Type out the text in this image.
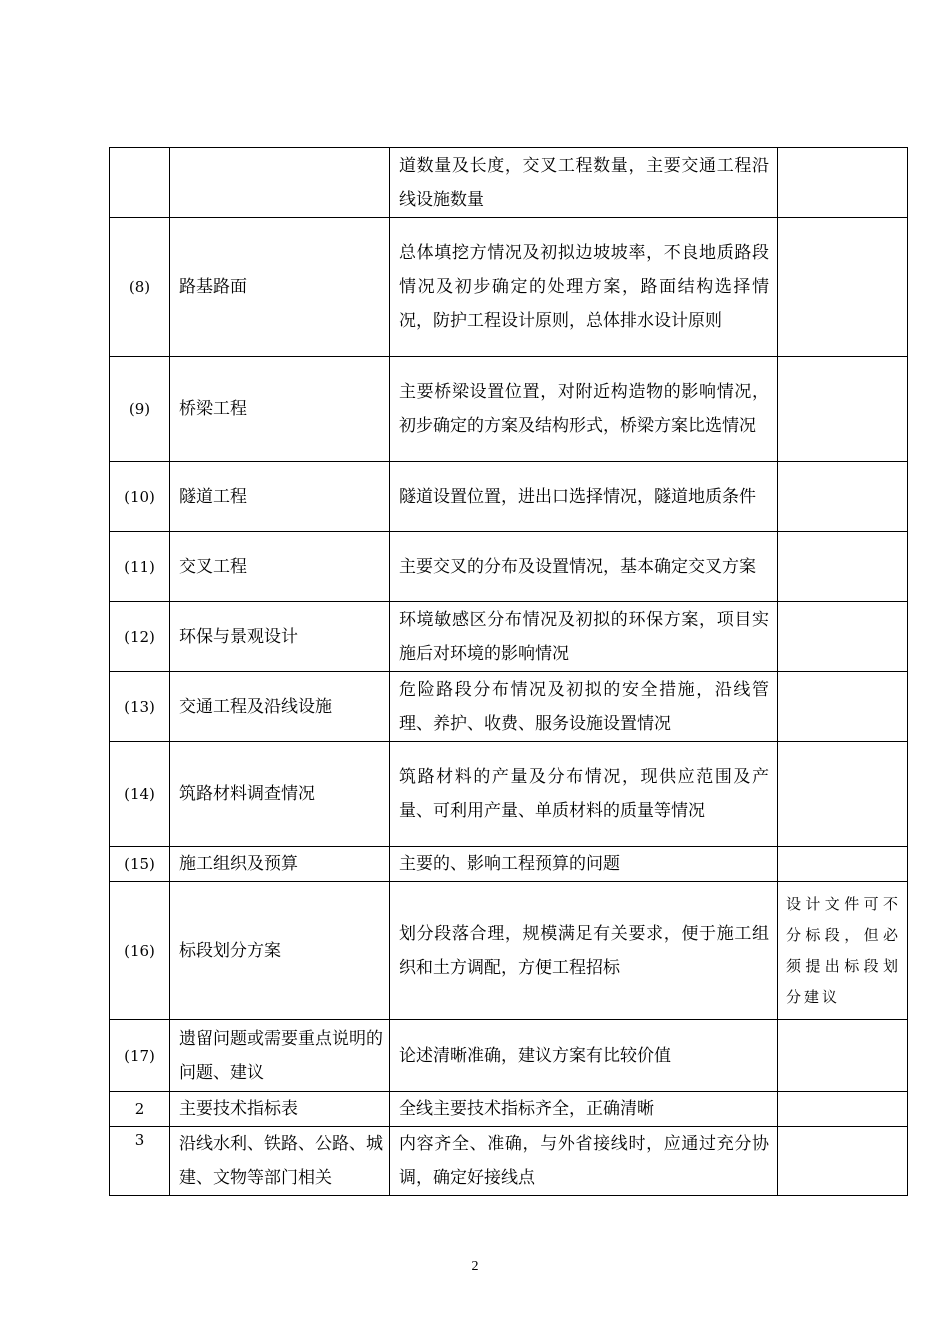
		道数量及长度，交叉工程数量，主要交通工程沿线设施数量	

(8)	路基路面	总体填挖方情况及初拟边坡坡率，不良地质路段情况及初步确定的处理方案，路面结构选择情况，防护工程设计原则，总体排水设计原则	

(9)	桥梁工程	主要桥梁设置位置，对附近构造物的影响情况，初步确定的方案及结构形式，桥梁方案比选情况	

(10)	隧道工程	隧道设置位置，进出口选择情况，隧道地质条件	

(11)	交叉工程	主要交叉的分布及设置情况，基本确定交叉方案	

(12)	环保与景观设计	环境敏感区分布情况及初拟的环保方案，项目实施后对环境的影响情况	

(13)	交通工程及沿线设施	危险路段分布情况及初拟的安全措施，沿线管理、养护、收费、服务设施设置情况	

(14)	筑路材料调查情况	筑路材料的产量及分布情况，现供应范围及产量、可利用产量、单质材料的质量等情况	

(15)	施工组织及预算	主要的、影响工程预算的问题	

(16)	标段划分方案	划分段落合理，规模满足有关要求，便于施工组织和土方调配，方便工程招标	设计文件可不分标段，但必须提出标段划分建议

(17)	遗留问题或需要重点说明的问题、建议	论述清晰准确，建议方案有比较价值	

2	主要技术指标表	全线主要技术指标齐全，正确清晰	

3	沿线水利、铁路、公路、城建、文物等部门相关	内容齐全、准确，与外省接线时，应通过充分协调，确定好接线点	

2
